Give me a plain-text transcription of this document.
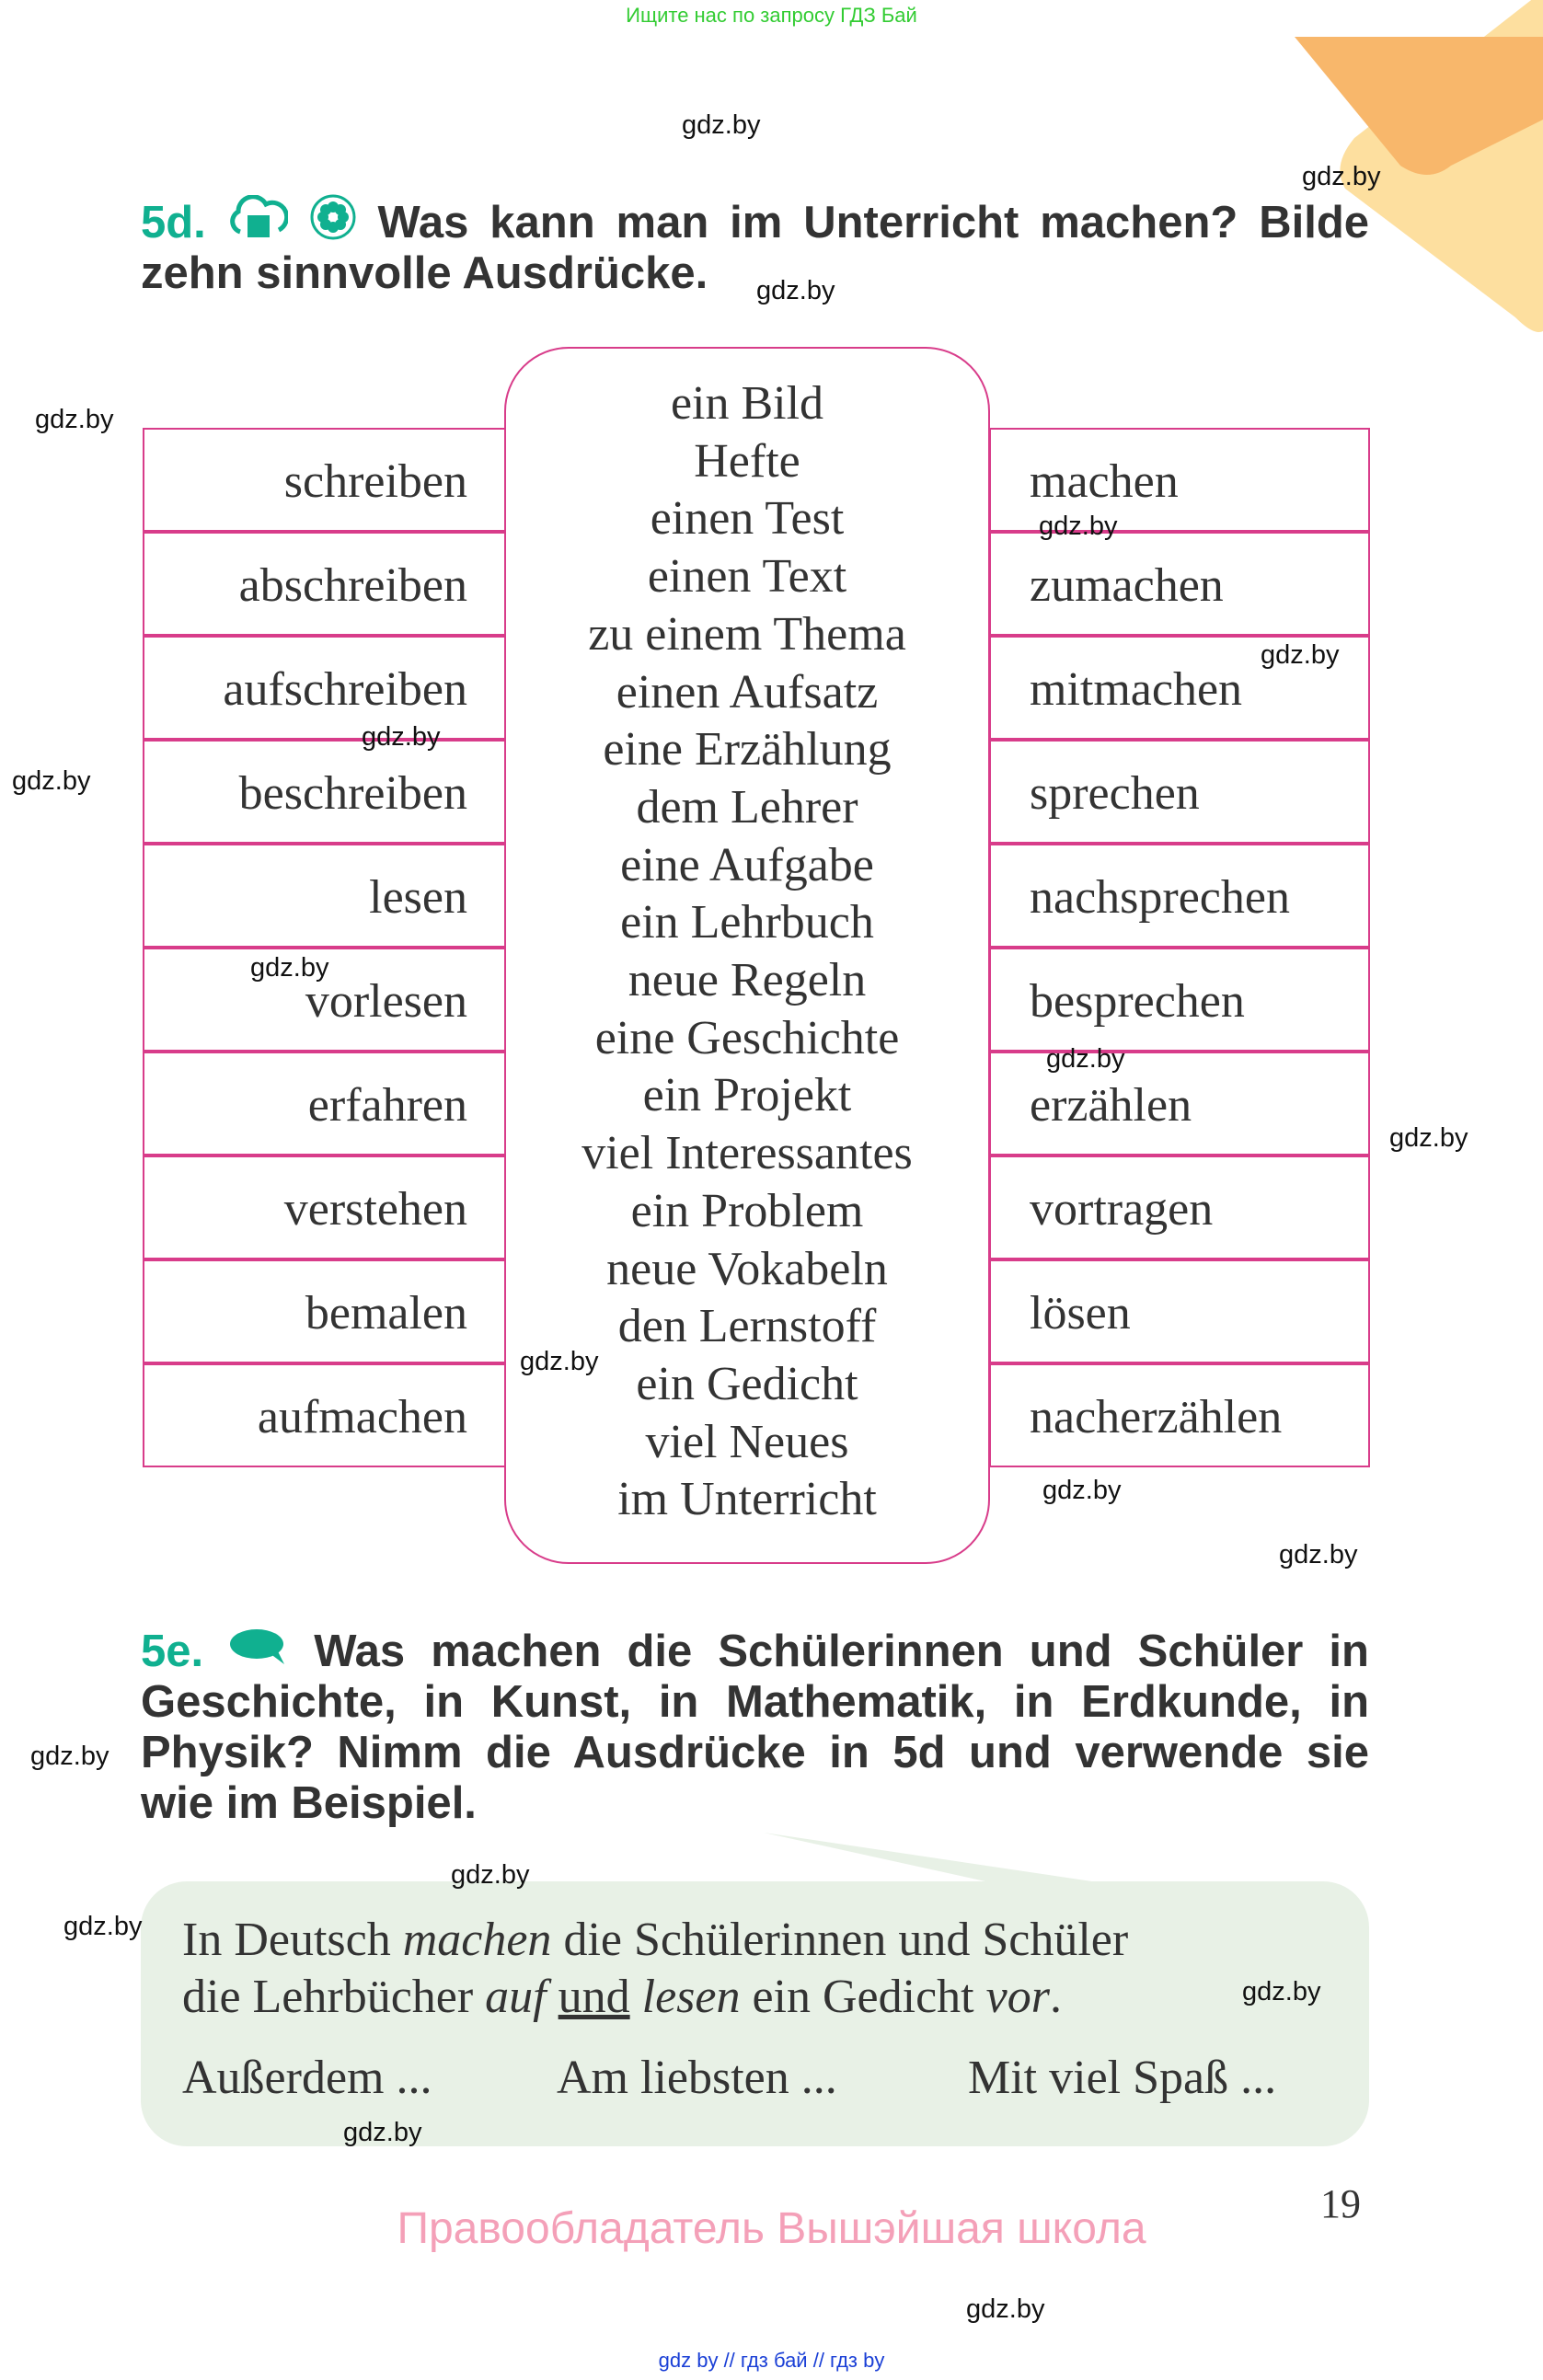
Ищите нас по запросу ГДЗ Бай
5d.	Was kann man im Unterricht machen? Bilde
zehn sinnvolle Ausdrücke.
schreiben
abschreiben
aufschreiben
beschreiben
lesen
vorlesen
erfahren
verstehen
bemalen
aufmachen
machen
zumachen
mitmachen
sprechen
nachsprechen
besprechen
erzählen
vortragen
lösen
nacherzählen
ein Bild
Hefte
einen Test
einen Text
zu einem Thema
einen Aufsatz
eine Erzählung
dem Lehrer
eine Aufgabe
ein Lehrbuch
neue Regeln
eine Geschichte
ein Projekt
viel Interessantes
ein Problem
neue Vokabeln
den Lernstoff
ein Gedicht
viel Neues
im Unterricht
5e. Was machen die Schülerinnen und Schüler in
Geschichte, in Kunst, in Mathematik, in Erdkunde, in
Physik? Nimm die Ausdrücke in 5d und verwende sie
wie im Beispiel.
In Deutsch machen die Schülerinnen und Schüler
die Lehrbücher auf und lesen ein Gedicht vor.
Außerdem ...	Am liebsten ...	Mit viel Spaß ...
19
Правообладатель Вышэйшая школа
gdz by // гдз бай // гдз by
gdz.by
gdz.by
gdz.by
gdz.by
gdz.by
gdz.by
gdz.by
gdz.by
gdz.by
gdz.by
gdz.by
gdz.by
gdz.by
gdz.by
gdz.by
gdz.by
gdz.by
gdz.by
gdz.by
gdz.by
